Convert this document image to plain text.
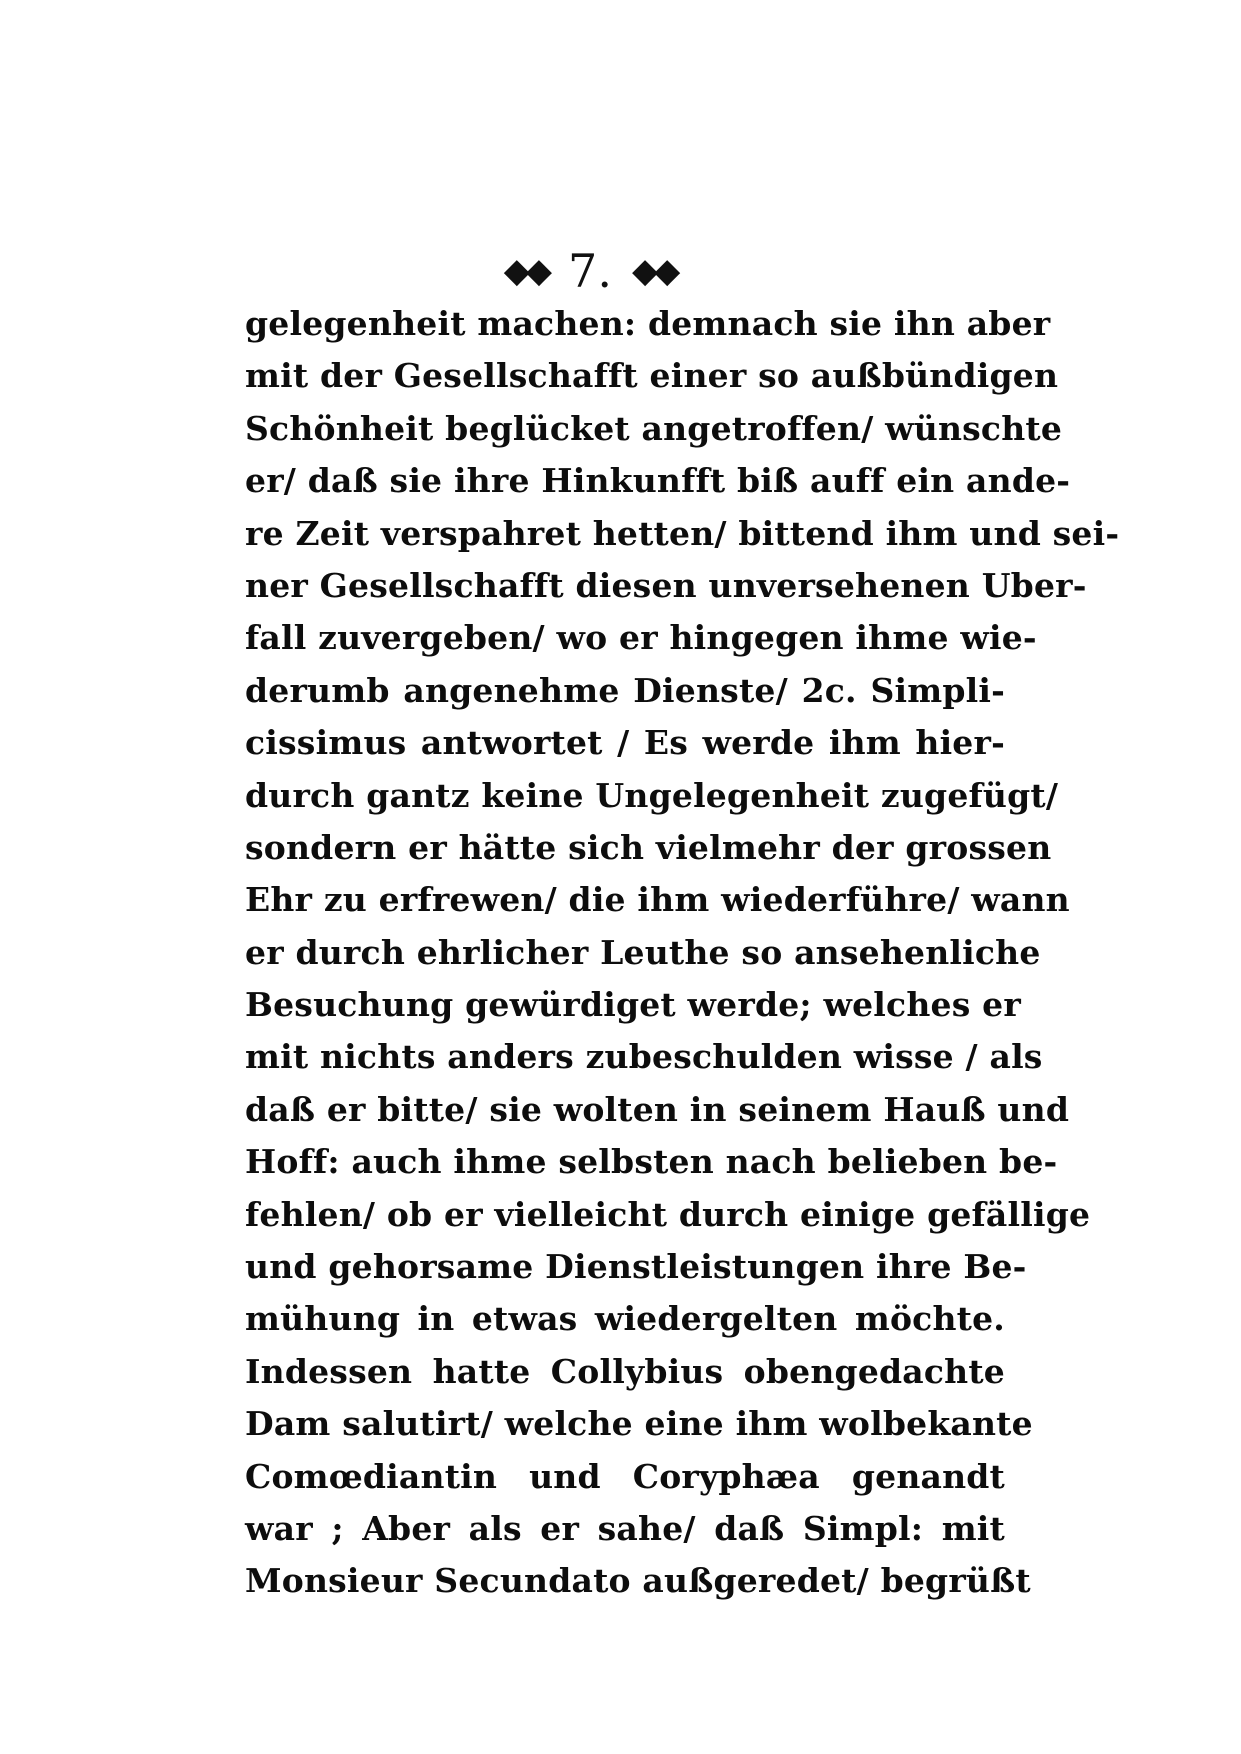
◆◆ 7. ◆◆
gelegenheit machen: demnach sie ihn aber
mit der Gesellschafft einer so außbündigen
Schönheit beglücket angetroffen/ wünschte
er/ daß sie ihre Hinkunfft biß auff ein ande-
re Zeit verspahret hetten/ bittend ihm und sei-
ner Gesellschafft diesen unversehenen Uber-
fall zuvergeben/ wo er hingegen ihme wie-
derumb angenehme Dienste/ 2c. Simpli-
cissimus antwortet / Es werde ihm hier-
durch gantz keine Ungelegenheit zugefügt/
sondern er hätte sich vielmehr der grossen
Ehr zu erfrewen/ die ihm wiederführe/ wann
er durch ehrlicher Leuthe so ansehenliche
Besuchung gewürdiget werde; welches er
mit nichts anders zubeschulden wisse / als
daß er bitte/ sie wolten in seinem Hauß und
Hoff: auch ihme selbsten nach belieben be-
fehlen/ ob er vielleicht durch einige gefällige
und gehorsame Dienstleistungen ihre Be-
mühung in etwas wiedergelten möchte.
Indessen hatte Collybius obengedachte
Dam salutirt/ welche eine ihm wolbekante
Comœdiantin und Coryphæa genandt
war ; Aber als er sahe/ daß Simpl: mit
Monsieur Secundato außgeredet/ begrüßt
